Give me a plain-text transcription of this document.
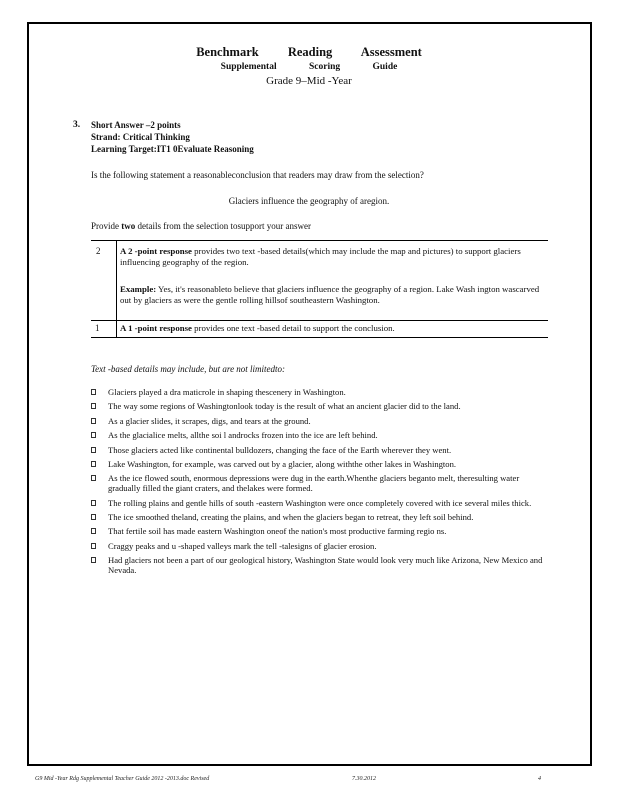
Benchmark Reading Assessment
Supplemental Scoring Guide
Grade 9–Mid -Year
3. Short Answer –2 points
Strand: Critical Thinking
Learning Target:IT1 0Evaluate Reasoning
Is the following statement a reasonableconclusion that readers may draw from the selection?
Glaciers influence the geography of aregion.
Provide two details from the selection tosupport your answer
2 A 2 -point response provides two text -based details(which may include the map and pictures) to support glaciers influencing geography of the region.
Example: Yes, it's reasonableto believe that glaciers influence the geography of a region. Lake Wash ington wascarved out by glaciers as were the gentle rolling hillsof southeastern Washington.
1 A 1 -point response provides one text -based detail to support the conclusion.
Text -based details may include, but are not limitedto:
Glaciers played a dra maticrole in shaping thescenery in Washington.
The way some regions of Washingtonlook today is the result of what an ancient glacier did to the land.
As a glacier slides, it scrapes, digs, and tears at the ground.
As the glacialice melts, allthe soi l androcks frozen into the ice are left behind.
Those glaciers acted like continental bulldozers, changing the face of the Earth wherever they went.
Lake Washington, for example, was carved out by a glacier, along withthe other lakes in Washington.
As the ice flowed south, enormous depressions were dug in the earth.Whenthe glaciers beganto melt, theresulting water gradually filled the giant craters, and thelakes were formed.
The rolling plains and gentle hills of south -eastern Washington were once completely covered with ice several miles thick.
The ice smoothed theland, creating the plains, and when the glaciers began to retreat, they left soil behind.
That fertile soil has made eastern Washington oneof the nation's most productive farming regio ns.
Craggy peaks and u -shaped valleys mark the tell -talesigns of glacier erosion.
Had glaciers not been a part of our geological history, Washington State would look very much like Arizona, New Mexico and Nevada.
G9 Mid -Year Rdg Supplemental Teacher Guide 2012 -2013.doc Revised	7.30.2012	4
